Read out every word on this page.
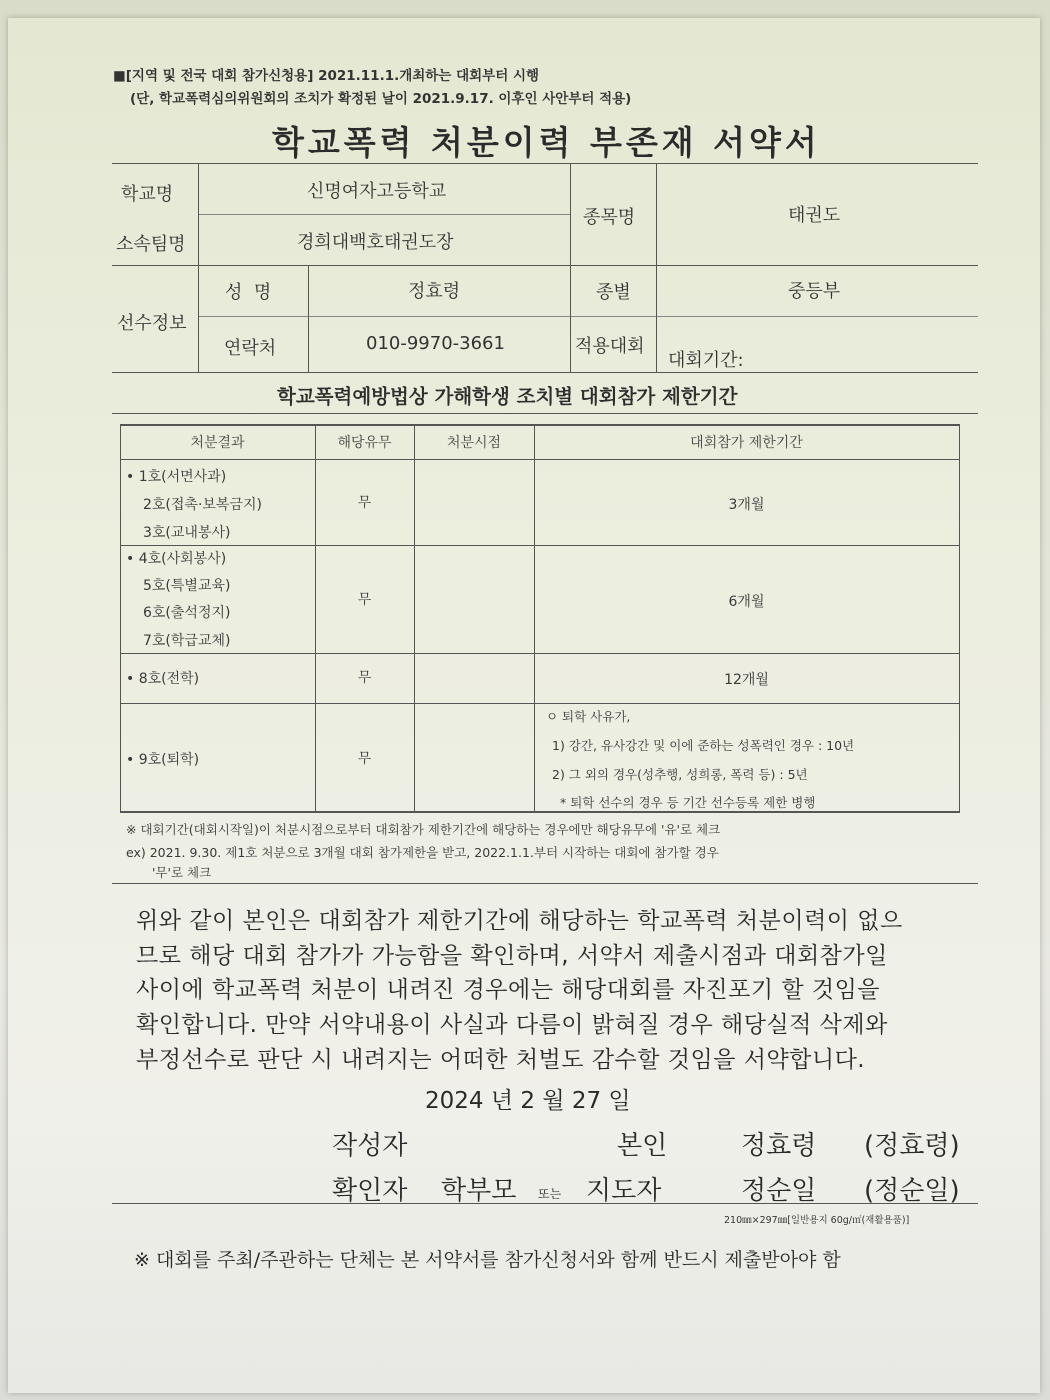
■[지역 및 전국 대회 참가신청용] 2021.11.1.개최하는 대회부터 시행
(단, 학교폭력심의위원회의 조치가 확정된 날이 2021.9.17. 이후인 사안부터 적용)
학교폭력 처분이력 부존재 서약서
학교명	신명여자고등학교
소속팀명	경희대백호태권도장
종목명	태권도
선수정보
성  명	정효령	종별	중등부
연락처	010-9970-3661	적용대회
대회기간:
학교폭력예방법상 가해학생 조치별 대회참가 제한기간
처분결과	해당유무	처분시점	대회참가 제한기간
• 1호(서면사과)
2호(접촉·보복금지)
3호(교내봉사)
무	3개월
• 4호(사회봉사)
5호(특별교육)
6호(출석정지)
7호(학급교체)
무	6개월
• 8호(전학)	무	12개월
• 9호(퇴학)	무
ㅇ 퇴학 사유가,
1) 강간, 유사강간 및 이에 준하는 성폭력인 경우 : 10년
2) 그 외의 경우(성추행, 성희롱, 폭력 등) : 5년
* 퇴학 선수의 경우 등 기간 선수등록 제한 병행
※ 대회기간(대회시작일)이 처분시점으로부터 대회참가 제한기간에 해당하는 경우에만 해당유무에 '유'로 체크
ex) 2021. 9.30. 제1호 처분으로 3개월 대회 참가제한을 받고, 2022.1.1.부터 시작하는 대회에 참가할 경우
'무'로 체크
위와 같이 본인은 대회참가 제한기간에 해당하는 학교폭력 처분이력이 없으
므로 해당 대회 참가가 가능함을 확인하며, 서약서 제출시점과 대회참가일
사이에 학교폭력 처분이 내려진 경우에는 해당대회를 자진포기 할 것임을
확인합니다. 만약 서약내용이 사실과 다름이 밝혀질 경우 해당실적 삭제와
부정선수로 판단 시 내려지는 어떠한 처벌도 감수할 것임을 서약합니다.
2024 년 2 월 27 일
작성자	본인	정효령 (정효령)
확인자 학부모 또는 지도자	정순일 (정순일)
210㎜×297㎜[일반용지 60g/㎡(재활용품)]
※ 대회를 주최/주관하는 단체는 본 서약서를 참가신청서와 함께 반드시 제출받아야 함
